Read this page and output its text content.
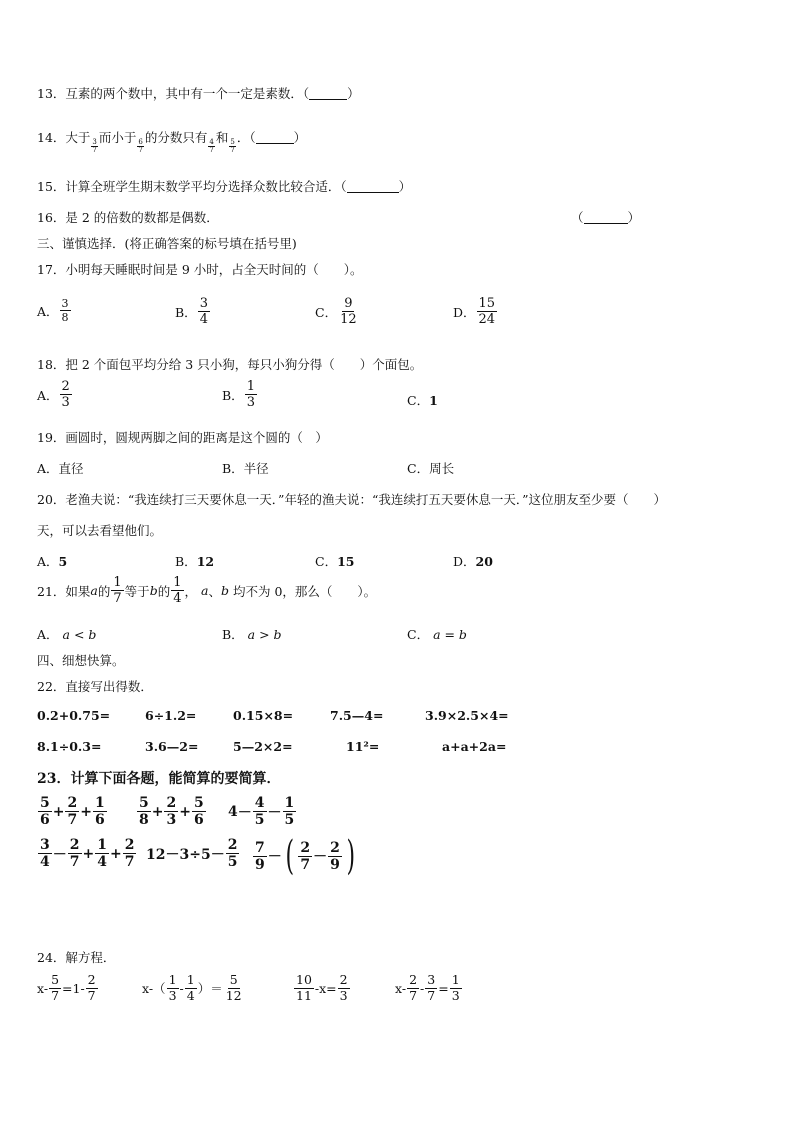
13．互素的两个数中，其中有一个一定是素数．（	）
14．大于
$\frac{3}{7}$
而小于
$\frac{6}{7}$
的分数只有
$\frac{4}{7}$
和
$\frac{5}{7}$
．（	）
15．计算全班学生期末数学平均分选择众数比较合适．（	）
16．是 2 的倍数的数都是偶数．	（	）
三、谨慎选择．(将正确答案的标号填在括号里)
17．小明每天睡眠时间是 9 小时，占全天时间的（　　）。
A． $\frac{3}{8}$	B． $\frac{3}{4}$	C． $\frac{9}{12}$	D． $\frac{15}{24}$
18．把 2 个面包平均分给 3 只小狗，每只小狗分得（　　）个面包。
A． $\frac{2}{3}$	B． $\frac{1}{3}$	C．1
19．画圆时，圆规两脚之间的距离是这个圆的（　）
A．直径	B．半径	C．周长
20．老渔夫说：“我连续打三天要休息一天．”年轻的渔夫说：“我连续打五天要休息一天．”这位朋友至少要（　　）
天，可以去看望他们。
A．5	B．12	C．15	D．20
21． 如果 a 的 $\frac{1}{7}$ 等于 b 的 $\frac{1}{4}$ ，
a 、 b
均不为 0，那么（　　）。
A． a < b	B． a > b	C． a = b
四、细想快算。
22．直接写出得数．
0.2+0.75=	6÷1.2=	0.15×8=	7.5—4=	3.9×2.5×4=
8.1÷0.3=	3.6—2=	5—2×2=	11²=	a+a+2a=
23．计算下面各题，能简算的要简算．
$\frac{5}{6} + \frac{2}{7} + \frac{1}{6} \frac{5}{8} + \frac{2}{3} + \frac{5}{6} 4 - \frac{4}{5} - \frac{1}{5}$
$\frac{3}{4} - \frac{2}{7} + \frac{1}{4} + \frac{2}{7} 12-3\div 5- \frac{2}{5} \frac{7}{9}$ － ( $\frac{2}{7} - \frac{2}{9}$ )
24．解方程．
$x- \frac{5}{7} =1- \frac{2}{7}$	$x-( \frac{1}{3} - \frac{1}{4}$ ）＝ $\frac{5}{12}$	$\frac{10}{11} -x= \frac{2}{3}$	$x- \frac{2}{7} - \frac{3}{7} = \frac{1}{3}$
